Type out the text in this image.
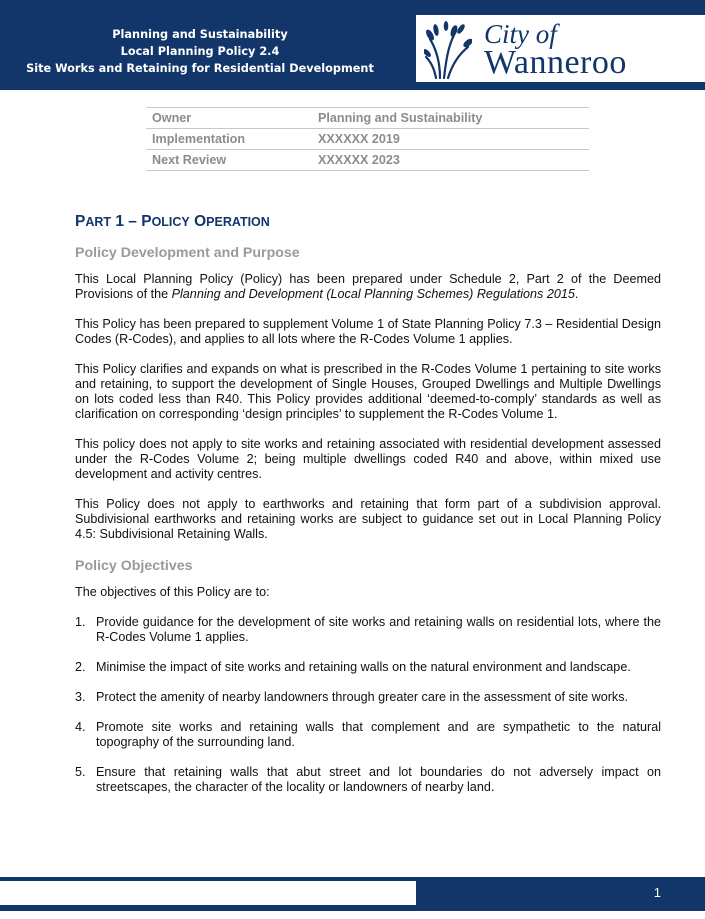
Planning and Sustainability
Local Planning Policy 2.4
Site Works and Retaining for Residential Development
City of
Wanneroo
Owner	Planning and Sustainability
Implementation	XXXXXX 2019
Next Review	XXXXXX 2023
PART 1 – POLICY OPERATION
Policy Development and Purpose

This Local Planning Policy (Policy) has been prepared under Schedule 2, Part 2 of the Deemed Provisions of the Planning and Development (Local Planning Schemes) Regulations 2015.

This Policy has been prepared to supplement Volume 1 of State Planning Policy 7.3 – Residential Design Codes (R-Codes), and applies to all lots where the R-Codes Volume 1 applies.

This Policy clarifies and expands on what is prescribed in the R-Codes Volume 1 pertaining to site works and retaining, to support the development of Single Houses, Grouped Dwellings and Multiple Dwellings on lots coded less than R40. This Policy provides additional ‘deemed-to-comply’ standards as well as clarification on corresponding ‘design principles’ to supplement the R-Codes Volume 1.

This policy does not apply to site works and retaining associated with residential development assessed under the R-Codes Volume 2; being multiple dwellings coded R40 and above, within mixed use development and activity centres.

This Policy does not apply to earthworks and retaining that form part of a subdivision approval. Subdivisional earthworks and retaining works are subject to guidance set out in Local Planning Policy 4.5: Subdivisional Retaining Walls.

Policy Objectives

The objectives of this Policy are to:

1. Provide guidance for the development of site works and retaining walls on residential lots, where the R-Codes Volume 1 applies.
2. Minimise the impact of site works and retaining walls on the natural environment and landscape.
3. Protect the amenity of nearby landowners through greater care in the assessment of site works.
4. Promote site works and retaining walls that complement and are sympathetic to the natural topography of the surrounding land.
5. Ensure that retaining walls that abut street and lot boundaries do not adversely impact on streetscapes, the character of the locality or landowners of nearby land.
1
